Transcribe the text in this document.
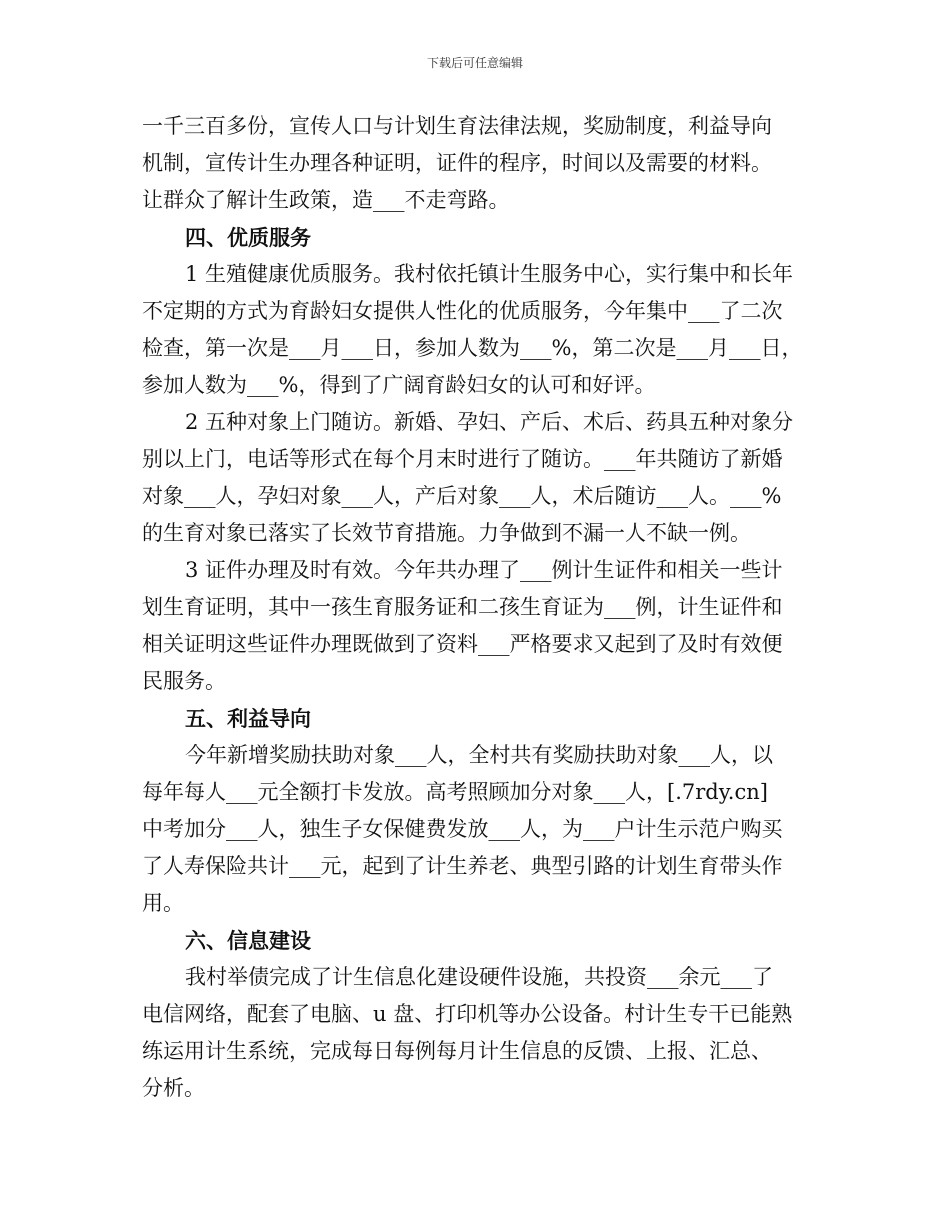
下载后可任意编辑
一千三百多份，宣传人口与计划生育法律法规，奖励制度，利益导向
机制，宣传计生办理各种证明，证件的程序，时间以及需要的材料。
让群众了解计生政策，造___不走弯路。
四、优质服务
1 生殖健康优质服务。我村依托镇计生服务中心，实行集中和长年
不定期的方式为育龄妇女提供人性化的优质服务，今年集中___了二次
检查，第一次是___月___日，参加人数为___%，第二次是___月___日，
参加人数为___%，得到了广阔育龄妇女的认可和好评。
2 五种对象上门随访。新婚、孕妇、产后、术后、药具五种对象分
别以上门，电话等形式在每个月末时进行了随访。___年共随访了新婚
对象___人，孕妇对象___人，产后对象___人，术后随访___人。___%
的生育对象已落实了长效节育措施。力争做到不漏一人不缺一例。
3 证件办理及时有效。今年共办理了___例计生证件和相关一些计
划生育证明，其中一孩生育服务证和二孩生育证为___例，计生证件和
相关证明这些证件办理既做到了资料___严格要求又起到了及时有效便
民服务。
五、利益导向
今年新增奖励扶助对象___人，全村共有奖励扶助对象___人，以
每年每人___元全额打卡发放。高考照顾加分对象___人，[.7rdy.cn]
中考加分___人，独生子女保健费发放___人，为___户计生示范户购买
了人寿保险共计___元，起到了计生养老、典型引路的计划生育带头作
用。
六、信息建设
我村举债完成了计生信息化建设硬件设施，共投资___余元___了
电信网络，配套了电脑、u 盘、打印机等办公设备。村计生专干已能熟
练运用计生系统，完成每日每例每月计生信息的反馈、上报、汇总、
分析。
